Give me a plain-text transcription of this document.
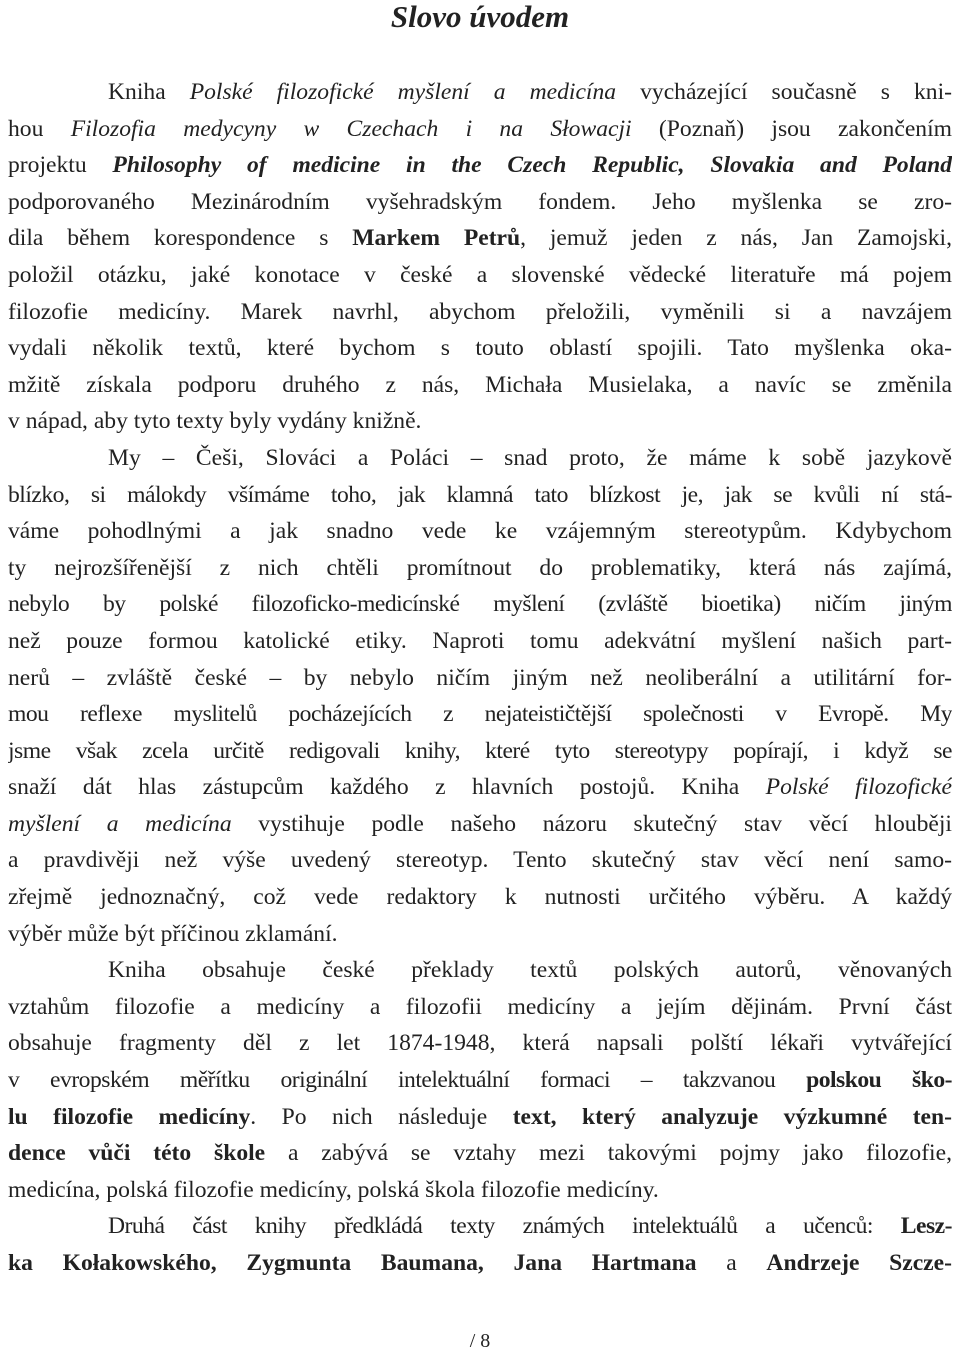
Slovo úvodem
Kniha Polské filozofické myšlení a medicína vycházející současně s kni-
hou Filozofia medycyny w Czechach i na Słowacji (Poznaň) jsou zakončením
projektu Philosophy of medicine in the Czech Republic, Slovakia and Poland
podporovaného Mezinárodním vyšehradským fondem. Jeho myšlenka se zro-
dila během korespondence s Markem Petrů, jemuž jeden z nás, Jan Zamojski,
položil otázku, jaké konotace v české a slovenské vědecké literatuře má pojem
filozofie medicíny. Marek navrhl, abychom přeložili, vyměnili si a navzájem
vydali několik textů, které bychom s touto oblastí spojili. Tato myšlenka oka-
mžitě získala podporu druhého z nás, Michała Musielaka, a navíc se změnila
v nápad, aby tyto texty byly vydány knižně.
My – Češi, Slováci a Poláci – snad proto, že máme k sobě jazykově
blízko, si málokdy všímáme toho, jak klamná tato blízkost je, jak se kvůli ní stá-
váme pohodlnými a jak snadno vede ke vzájemným stereotypům. Kdybychom
ty nejrozšířenější z nich chtěli promítnout do problematiky, která nás zajímá,
nebylo by polské filozoficko-medicínské myšlení (zvláště bioetika) ničím jiným
než pouze formou katolické etiky. Naproti tomu adekvátní myšlení našich part-
nerů – zvláště české – by nebylo ničím jiným než neoliberální a utilitární for-
mou reflexe myslitelů pocházejících z nejateističtější společnosti v Evropě. My
jsme však zcela určitě redigovali knihy, které tyto stereotypy popírají, i když se
snaží dát hlas zástupcům každého z hlavních postojů. Kniha Polské filozofické
myšlení a medicína vystihuje podle našeho názoru skutečný stav věcí hlouběji
a pravdivěji než výše uvedený stereotyp. Tento skutečný stav věcí není samo-
zřejmě jednoznačný, což vede redaktory k nutnosti určitého výběru. A každý
výběr může být příčinou zklamání.
Kniha obsahuje české překlady textů polských autorů, věnovaných
vztahům filozofie a medicíny a filozofii medicíny a jejím dějinám. První část
obsahuje fragmenty děl z let 1874-1948, která napsali polští lékaři vytvářející
v evropském měřítku originální intelektuální formaci – takzvanou polskou ško-
lu filozofie medicíny. Po nich následuje text, který analyzuje výzkumné ten-
dence vůči této škole a zabývá se vztahy mezi takovými pojmy jako filozofie,
medicína, polská filozofie medicíny, polská škola filozofie medicíny.
Druhá část knihy předkládá texty známých intelektuálů a učenců: Lesz-
ka Kołakowského, Zygmunta Baumana, Jana Hartmana a Andrzeje Szcze-
/ 8
